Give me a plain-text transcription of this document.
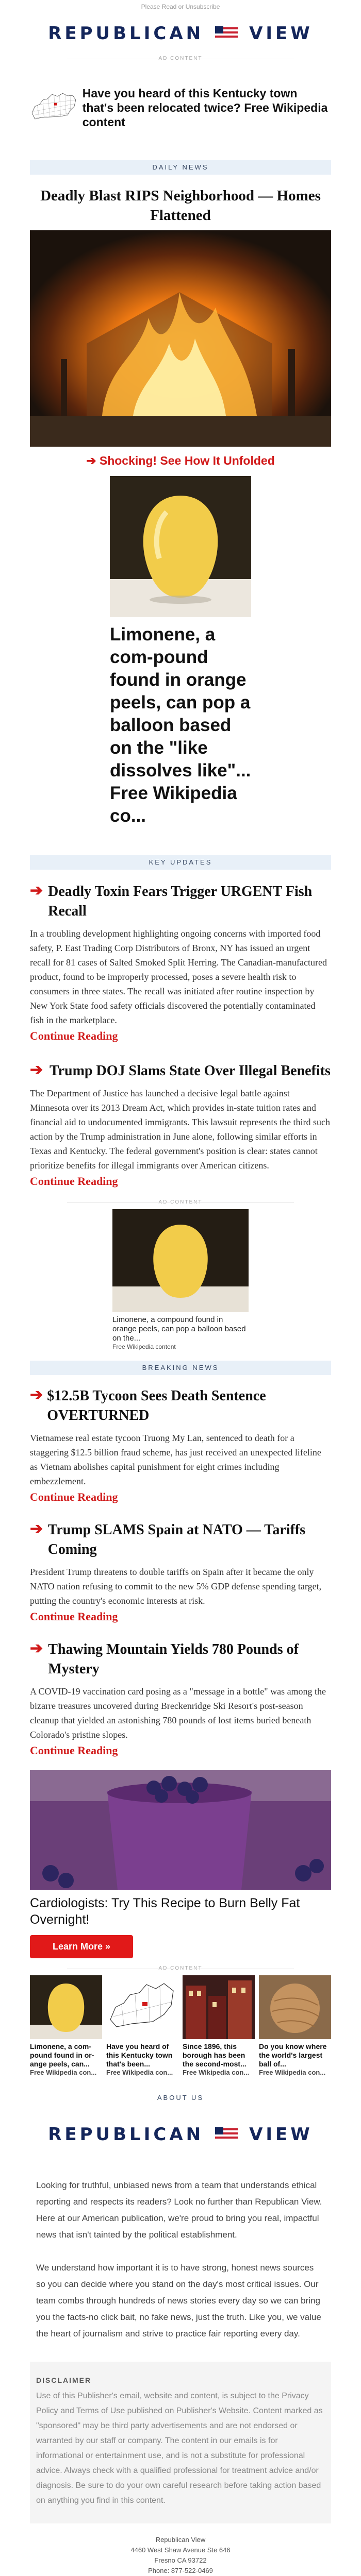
Please Read or Unsubscribe
REPUBLICAN	VIEW
AD CONTENT
Have you heard of this Kentucky town that's been relocated twice? Free Wikipedia content
DAILY NEWS
Deadly Blast RIPS Neighborhood — Homes Flattened
➔ Shocking! See How It Unfolded
Limonene, a com-pound found in orange peels, can pop a balloon based on the "like dissolves like"... Free Wikipedia co...
KEY UPDATES
➔ Deadly Toxin Fears Trigger URGENT Fish Recall

In a troubling development highlighting ongoing concerns with imported food safety, P. East Trading Corp Distributors of Bronx, NY has issued an urgent recall for 81 cases of Salted Smoked Split Herring. The Canadian-manufactured product, found to be improperly processed, poses a severe health risk to consumers in three states. The recall was initiated after routine inspection by New York State food safety officials discovered the potentially contaminated fish in the marketplace.

Continue Reading
➔ Trump DOJ Slams State Over Illegal Benefits

The Department of Justice has launched a decisive legal battle against Minnesota over its 2013 Dream Act, which provides in-state tuition rates and financial aid to undocumented immigrants. This lawsuit represents the third such action by the Trump administration in June alone, following similar efforts in Texas and Kentucky. The federal government's position is clear: states cannot prioritize benefits for illegal immigrants over American citizens.

Continue Reading
AD CONTENT
Limonene, a compound found in orange peels, can pop a balloon based on the...
Free Wikipedia content
BREAKING NEWS
➔ $12.5B Tycoon Sees Death Sentence OVERTURNED

Vietnamese real estate tycoon Truong My Lan, sentenced to death for a staggering $12.5 billion fraud scheme, has just received an unexpected lifeline as Vietnam abolishes capital punishment for eight crimes including embezzlement.

Continue Reading
➔ Trump SLAMS Spain at NATO — Tariffs Coming

President Trump threatens to double tariffs on Spain after it became the only NATO nation refusing to commit to the new 5% GDP defense spending target, putting the country's economic interests at risk.

Continue Reading
➔ Thawing Mountain Yields 780 Pounds of Mystery

A COVID-19 vaccination card posing as a "message in a bottle" was among the bizarre treasures uncovered during Breckenridge Ski Resort's post-season cleanup that yielded an astonishing 780 pounds of lost items buried beneath Colorado's pristine slopes.

Continue Reading
Cardiologists: Try This Recipe to Burn Belly Fat Overnight!
Learn More »
AD CONTENT
Limonene, a com-pound found in or-ange peels, can...
Free Wikipedia con...
Have you heard of this Kentucky town that's been...
Free Wikipedia con...
Since 1896, this borough has been the second-most...
Free Wikipedia con...
Do you know where the world's largest ball of...
Free Wikipedia con...
ABOUT US
REPUBLICAN	VIEW

Looking for truthful, unbiased news from a team that understands ethical reporting and respects its readers? Look no further than Republican View. Here at our American publication, we're proud to bring you real, impactful news that isn't tainted by the political establishment.

We understand how important it is to have strong, honest news sources so you can decide where you stand on the day's most critical issues. Our team combs through hundreds of news stories every day so we can bring you the facts-no click bait, no fake news, just the truth. Like you, we value the heart of journalism and strive to practice fair reporting every day.

DISCLAIMER

Use of this Publisher's email, website and content, is subject to the Privacy Policy and Terms of Use published on Publisher's Website. Content marked as "sponsored" may be third party advertisements and are not endorsed or warranted by our staff or company. The content in our emails is for informational or entertainment use, and is not a substitute for professional advice. Always check with a qualified professional for treatment advice and/or diagnosis. Be sure to do your own careful research before taking action based on anything you find in this content.

Republican View
4460 West Shaw Avenue Ste 646
Fresno CA 93722
Phone: 877-522-0469
